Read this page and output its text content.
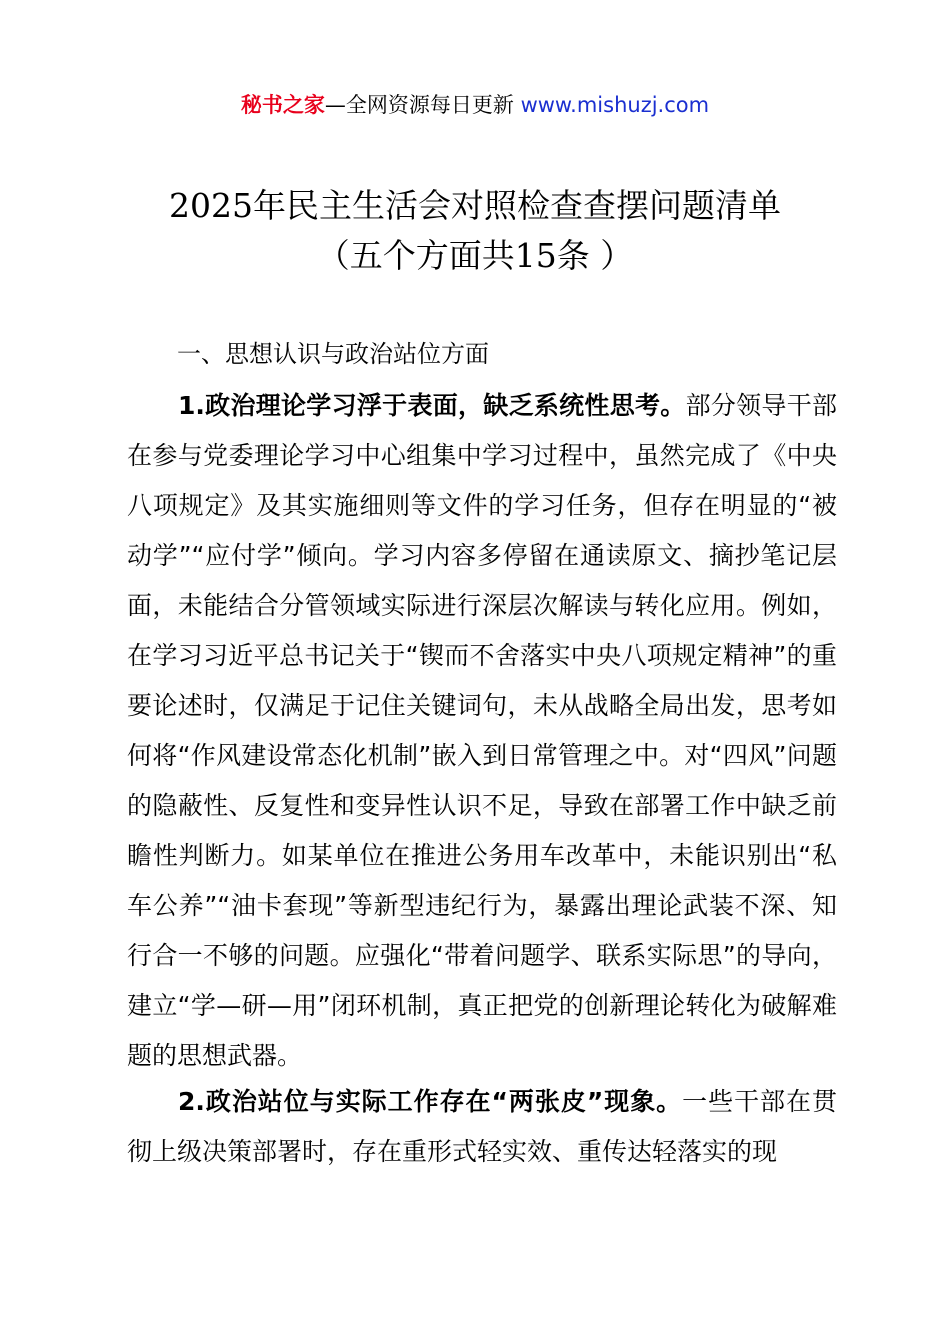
秘书之家—全网资源每日更新 www.mishuzj.com
2025年民主生活会对照检查查摆问题清单
（五个方面共15条 ）
一、思想认识与政治站位方面

1.政治理论学习浮于表面，缺乏系统性思考。部分领导干部在参与党委理论学习中心组集中学习过程中，虽然完成了《中央八项规定》及其实施细则等文件的学习任务，但存在明显的“被动学”“应付学”倾向。学习内容多停留在通读原文、摘抄笔记层面，未能结合分管领域实际进行深层次解读与转化应用。例如，在学习习近平总书记关于“锲而不舍落实中央八项规定精神”的重要论述时，仅满足于记住关键词句，未从战略全局出发，思考如何将“作风建设常态化机制”嵌入到日常管理之中。对“四风”问题的隐蔽性、反复性和变异性认识不足，导致在部署工作中缺乏前瞻性判断力。如某单位在推进公务用车改革中，未能识别出“私车公养”“油卡套现”等新型违纪行为，暴露出理论武装不深、知行合一不够的问题。应强化“带着问题学、联系实际思”的导向，建立“学—研—用”闭环机制，真正把党的创新理论转化为破解难题的思想武器。

2.政治站位与实际工作存在“两张皮”现象。一些干部在贯彻上级决策部署时，存在重形式轻实效、重传达轻落实的现
